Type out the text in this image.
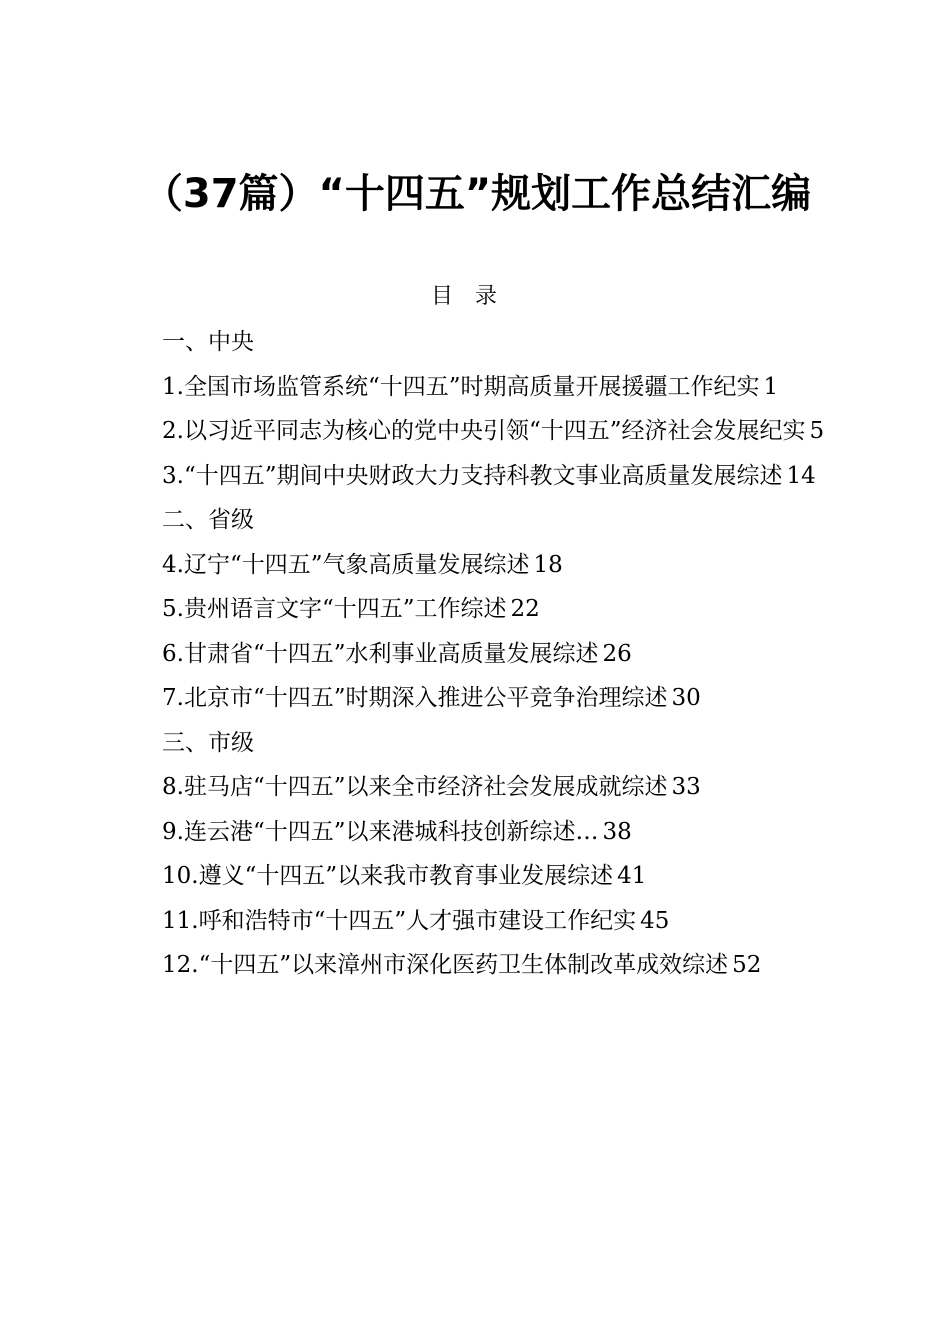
（37篇）“十四五”规划工作总结汇编
目录
一、中央
1.全国市场监管系统“十四五”时期高质量开展援疆工作纪实 1
2.以习近平同志为核心的党中央引领“十四五”经济社会发展纪实 5
3.“十四五”期间中央财政大力支持科教文事业高质量发展综述 14
二、省级
4.辽宁“十四五”气象高质量发展综述 18
5.贵州语言文字“十四五”工作综述 22
6.甘肃省“十四五”水利事业高质量发展综述 26
7.北京市“十四五”时期深入推进公平竞争治理综述 30
三、市级
8.驻马店“十四五”以来全市经济社会发展成就综述 33
9.连云港“十四五”以来港城科技创新综述… 38
10.遵义“十四五”以来我市教育事业发展综述 41
11.呼和浩特市“十四五”人才强市建设工作纪实 45
12.“十四五”以来漳州市深化医药卫生体制改革成效综述 52
